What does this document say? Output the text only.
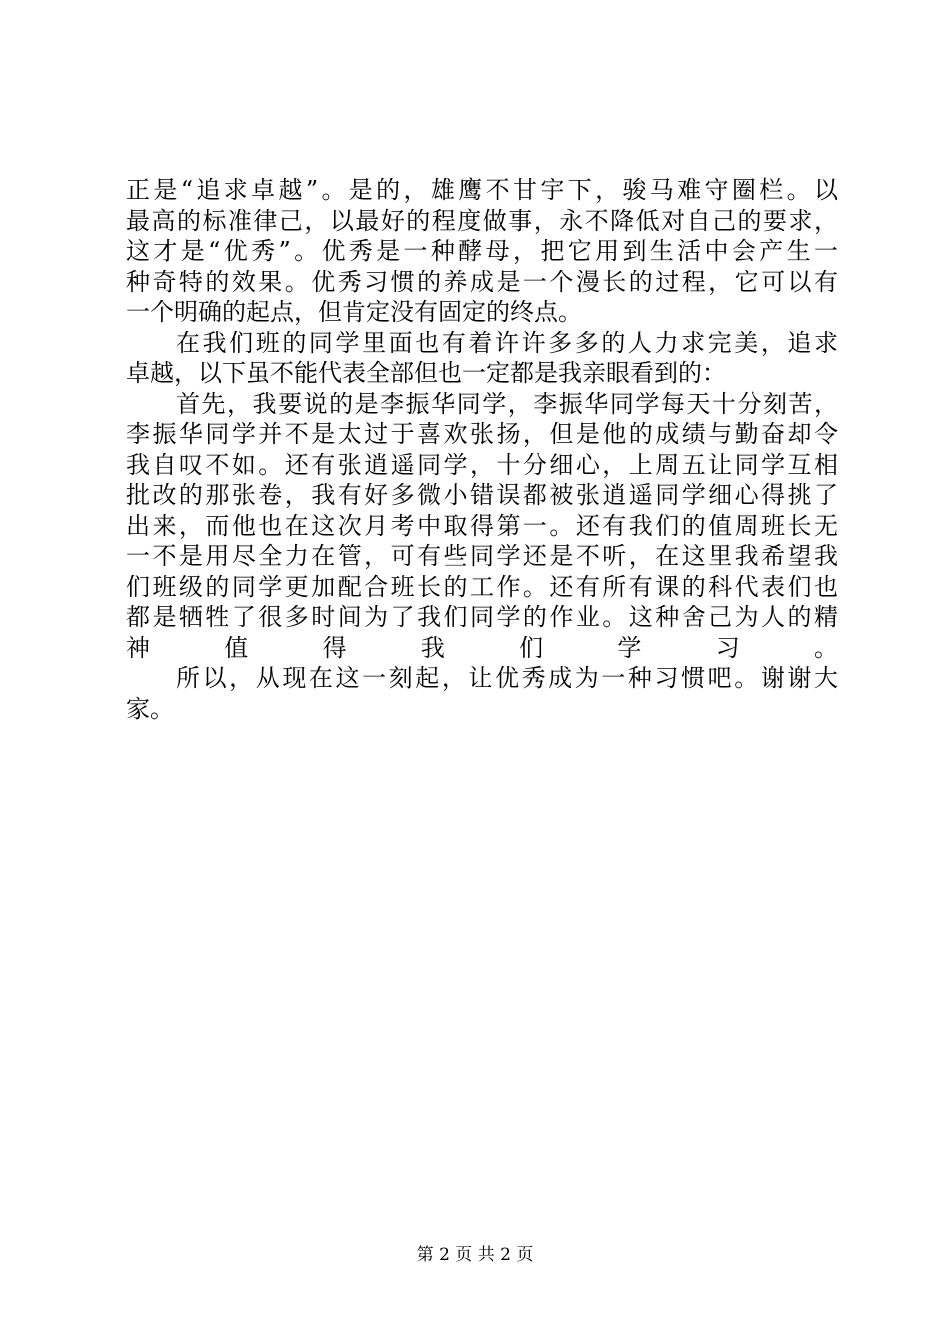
正是“追求卓越”。是的，雄鹰不甘宇下，骏马难守圈栏。以
最高的标准律己，以最好的程度做事，永不降低对自己的要求，
这才是“优秀”。优秀是一种酵母，把它用到生活中会产生一
种奇特的效果。优秀习惯的养成是一个漫长的过程，它可以有
一个明确的起点，但肯定没有固定的终点。
在我们班的同学里面也有着许许多多的人力求完美，追求
卓越，以下虽不能代表全部但也一定都是我亲眼看到的：
首先，我要说的是李振华同学，李振华同学每天十分刻苦，
李振华同学并不是太过于喜欢张扬，但是他的成绩与勤奋却令
我自叹不如。还有张逍遥同学，十分细心，上周五让同学互相
批改的那张卷，我有好多微小错误都被张逍遥同学细心得挑了
出来，而他也在这次月考中取得第一。还有我们的值周班长无
一不是用尽全力在管，可有些同学还是不听，在这里我希望我
们班级的同学更加配合班长的工作。还有所有课的科代表们也
都是牺牲了很多时间为了我们同学的作业。这种舍己为人的精
神值得我们学习。
所以，从现在这一刻起，让优秀成为一种习惯吧。谢谢大
家。
第 2 页 共 2 页
